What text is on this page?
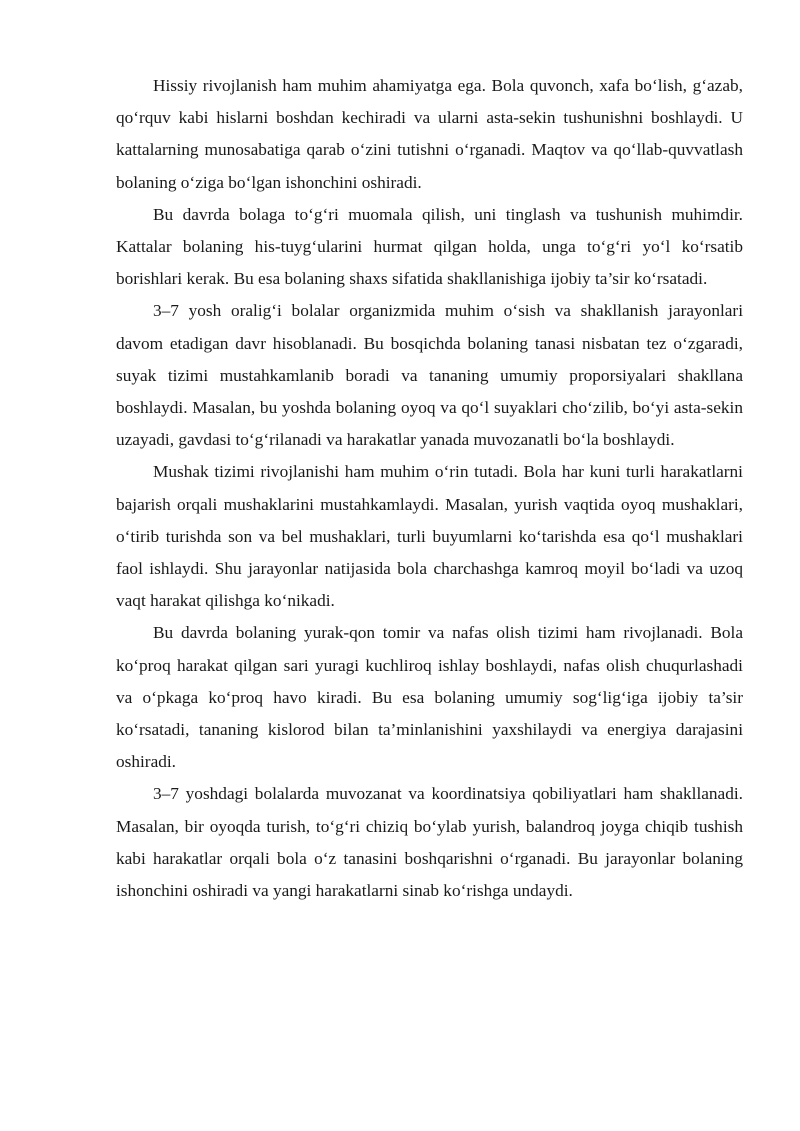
Hissiy rivojlanish ham muhim ahamiyatga ega. Bola quvonch, xafa bo‘lish, g‘azab, qo‘rquv kabi hislarni boshdan kechiradi va ularni asta-sekin tushunishni boshlaydi. U kattalarning munosabatiga qarab o‘zini tutishni o‘rganadi. Maqtov va qo‘llab-quvvatlash bolaning o‘ziga bo‘lgan ishonchini oshiradi.

Bu davrda bolaga to‘g‘ri muomala qilish, uni tinglash va tushunish muhimdir. Kattalar bolaning his-tuyg‘ularini hurmat qilgan holda, unga to‘g‘ri yo‘l ko‘rsatib borishlari kerak. Bu esa bolaning shaxs sifatida shakllanishiga ijobiy ta’sir ko‘rsatadi.

3–7 yosh oralig‘i bolalar organizmida muhim o‘sish va shakllanish jarayonlari davom etadigan davr hisoblanadi. Bu bosqichda bolaning tanasi nisbatan tez o‘zgaradi, suyak tizimi mustahkamlanib boradi va tananing umumiy proporsiyalari shakllana boshlaydi. Masalan, bu yoshda bolaning oyoq va qo‘l suyaklari cho‘zilib, bo‘yi asta-sekin uzayadi, gavdasi to‘g‘rilanadi va harakatlar yanada muvozanatli bo‘la boshlaydi.

Mushak tizimi rivojlanishi ham muhim o‘rin tutadi. Bola har kuni turli harakatlarni bajarish orqali mushaklarini mustahkamlaydi. Masalan, yurish vaqtida oyoq mushaklari, o‘tirib turishda son va bel mushaklari, turli buyumlarni ko‘tarishda esa qo‘l mushaklari faol ishlaydi. Shu jarayonlar natijasida bola charchashga kamroq moyil bo‘ladi va uzoq vaqt harakat qilishga ko‘nikadi.

Bu davrda bolaning yurak-qon tomir va nafas olish tizimi ham rivojlanadi. Bola ko‘proq harakat qilgan sari yuragi kuchliroq ishlay boshlaydi, nafas olish chuqurlashadi va o‘pkaga ko‘proq havo kiradi. Bu esa bolaning umumiy sog‘lig‘iga ijobiy ta’sir ko‘rsatadi, tananing kislorod bilan ta’minlanishini yaxshilaydi va energiya darajasini oshiradi.

3–7 yoshdagi bolalarda muvozanat va koordinatsiya qobiliyatlari ham shakllanadi. Masalan, bir oyoqda turish, to‘g‘ri chiziq bo‘ylab yurish, balandroq joyga chiqib tushish kabi harakatlar orqali bola o‘z tanasini boshqarishni o‘rganadi. Bu jarayonlar bolaning ishonchini oshiradi va yangi harakatlarni sinab ko‘rishga undaydi.
